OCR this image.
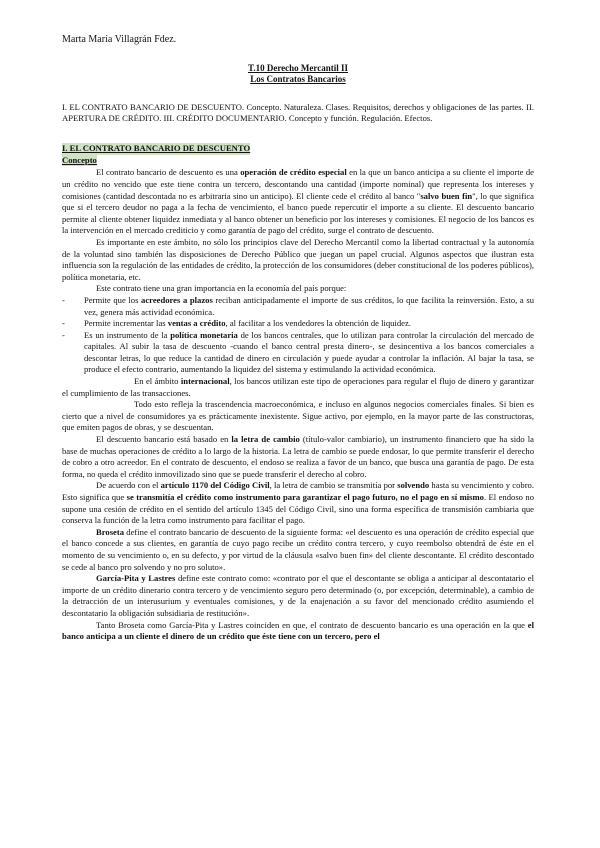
Marta María Villagrán Fdez.
T.10 Derecho Mercantil II
Los Contratos Bancarios
I. EL CONTRATO BANCARIO DE DESCUENTO. Concepto. Naturaleza. Clases. Requisitos, derechos y obligaciones de las partes. II. APERTURA DE CRÉDITO. III. CRÉDITO DOCUMENTARIO. Concepto y función. Regulación. Efectos.
I. EL CONTRATO BANCARIO DE DESCUENTO
Concepto

El contrato bancario de descuento es una operación de crédito especial en la que un banco anticipa a su cliente el importe de un crédito no vencido que este tiene contra un tercero, descontando una cantidad (importe nominal) que representa los intereses y comisiones (cantidad descontada no es arbitraria sino un anticipo). El cliente cede el crédito al banco "salvo buen fin", lo que significa que si el tercero deudor no paga a la fecha de vencimiento, el banco puede repercutir el importe a su cliente. El descuento bancario permite al cliente obtener liquidez inmediata y al banco obtener un beneficio por los intereses y comisiones. El negocio de los bancos es la intervención en el mercado crediticio y como garantía de pago del crédito, surge el contrato de descuento.

Es importante en este ámbito, no sólo los principios clave del Derecho Mercantil como la libertad contractual y la autonomía de la voluntad sino también las disposiciones de Derecho Público que juegan un papel crucial. Algunos aspectos que ilustran esta influencia son la regulación de las entidades de crédito, la protección de los consumidores (deber constitucional de los poderes públicos), política monetaria, etc.

Este contrato tiene una gran importancia en la economía del país porque:

- Permite que los acreedores a plazos reciban anticipadamente el importe de sus créditos, lo que facilita la reinversión. Esto, a su vez, genera más actividad económica.
- Permite incrementar las ventas a crédito, al facilitar a los vendedores la obtención de liquidez.
- Es un instrumento de la política monetaria de los bancos centrales, que lo utilizan para controlar la circulación del mercado de capitales. Al subir la tasa de descuento -cuando el banco central presta dinero-, se desincentiva a los bancos comerciales a descontar letras, lo que reduce la cantidad de dinero en circulación y puede ayudar a controlar la inflación. Al bajar la tasa, se produce el efecto contrario, aumentando la liquidez del sistema y estimulando la actividad económica.

En el ámbito internacional, los bancos utilizan este tipo de operaciones para regular el flujo de dinero y garantizar el cumplimiento de las transacciones.

Todo esto refleja la trascendencia macroeconómica, e incluso en algunos negocios comerciales finales. Si bien es cierto que a nivel de consumidores ya es prácticamente inexistente. Sigue activo, por ejemplo, en la mayor parte de las constructoras, que emiten pagos de obras, y se descuentan.

El descuento bancario está basado en la letra de cambio (título-valor cambiario), un instrumento financiero que ha sido la base de muchas operaciones de crédito a lo largo de la historia. La letra de cambio se puede endosar, lo que permite transferir el derecho de cobro a otro acreedor. En el contrato de descuento, el endoso se realiza a favor de un banco, que busca una garantía de pago. De esta forma, no queda el crédito inmovilizado sino que se puede transferir el derecho al cobro.

De acuerdo con el artículo 1170 del Código Civil, la letra de cambio se transmitía por solvendo hasta su vencimiento y cobro. Esto significa que se transmitía el crédito como instrumento para garantizar el pago futuro, no el pago en sí mismo. El endoso no supone una cesión de crédito en el sentido del artículo 1345 del Código Civil, sino una forma específica de transmisión cambiaria que conserva la función de la letra como instrumento para facilitar el pago.

Broseta define el contrato bancario de descuento de la siguiente forma: «el descuento es una operación de crédito especial que el banco concede a sus clientes, en garantía de cuyo pago recibe un crédito contra tercero, y cuyo reembolso obtendrá de éste en el momento de su vencimiento o, en su defecto, y por virtud de la cláusula «salvo buen fin» del cliente descontante. El crédito descontado se cede al banco pro solvendo y no pro soluto».

García-Pita y Lastres define este contrato como: «contrato por el que el descontante se obliga a anticipar al descontatario el importe de un crédito dinerario contra tercero y de vencimiento seguro pero determinado (o, por excepción, determinable), a cambio de la detracción de un interusurium y eventuales comisiones, y de la enajenación a su favor del mencionado crédito asumiendo el descontatario la obligación subsidiaria de restitución».

Tanto Broseta como García-Pita y Lastres coinciden en que, el contrato de descuento bancario es una operación en la que el banco anticipa a un cliente el dinero de un crédito que éste tiene con un tercero, pero el
